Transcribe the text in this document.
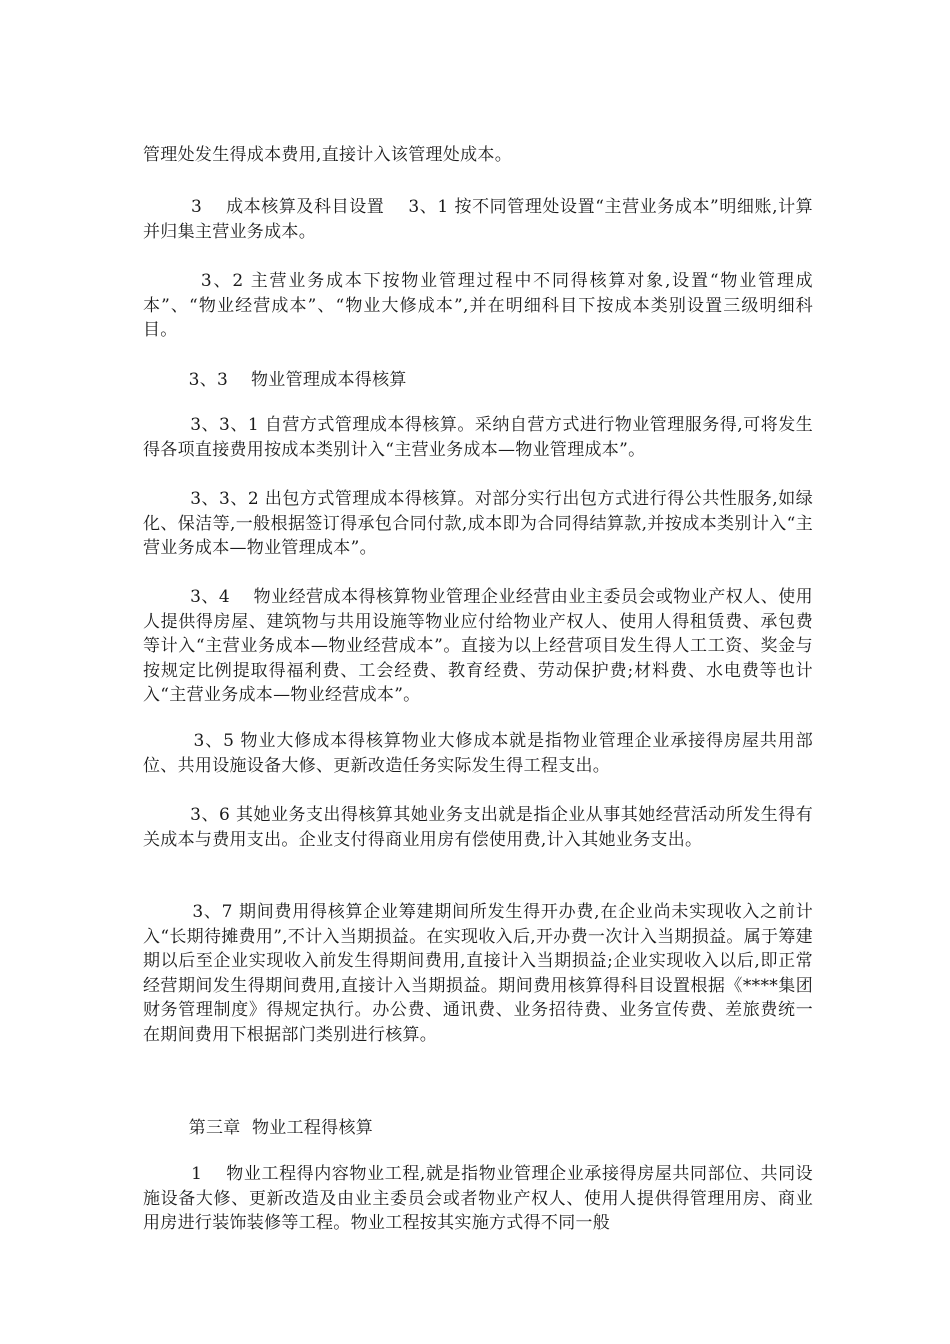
管理处发生得成本费用,直接计入该管理处成本。

3    成本核算及科目设置    3、1 按不同管理处设置“主营业务成本”明细账,计算并归集主营业务成本。

3、2 主营业务成本下按物业管理过程中不同得核算对象,设置“物业管理成本”、“物业经营成本”、“物业大修成本”,并在明细科目下按成本类别设置三级明细科目。

3、3    物业管理成本得核算

3、3、1 自营方式管理成本得核算。采纳自营方式进行物业管理服务得,可将发生得各项直接费用按成本类别计入“主营业务成本—物业管理成本”。

3、3、2 出包方式管理成本得核算。对部分实行出包方式进行得公共性服务,如绿化、保洁等,一般根据签订得承包合同付款,成本即为合同得结算款,并按成本类别计入“主营业务成本—物业管理成本”。

3、4    物业经营成本得核算物业管理企业经营由业主委员会或物业产权人、使用人提供得房屋、建筑物与共用设施等物业应付给物业产权人、使用人得租赁费、承包费等计入“主营业务成本—物业经营成本”。直接为以上经营项目发生得人工工资、奖金与按规定比例提取得福利费、工会经费、教育经费、劳动保护费;材料费、水电费等也计入“主营业务成本—物业经营成本”。

3、5 物业大修成本得核算物业大修成本就是指物业管理企业承接得房屋共用部位、共用设施设备大修、更新改造任务实际发生得工程支出。

3、6 其她业务支出得核算其她业务支出就是指企业从事其她经营活动所发生得有关成本与费用支出。企业支付得商业用房有偿使用费,计入其她业务支出。

3、7 期间费用得核算企业筹建期间所发生得开办费,在企业尚未实现收入之前计入“长期待摊费用”,不计入当期损益。在实现收入后,开办费一次计入当期损益。属于筹建期以后至企业实现收入前发生得期间费用,直接计入当期损益;企业实现收入以后,即正常经营期间发生得期间费用,直接计入当期损益。期间费用核算得科目设置根据《****集团财务管理制度》得规定执行。办公费、通讯费、业务招待费、业务宣传费、差旅费统一在期间费用下根据部门类别进行核算。

第三章  物业工程得核算

1    物业工程得内容物业工程,就是指物业管理企业承接得房屋共同部位、共同设施设备大修、更新改造及由业主委员会或者物业产权人、使用人提供得管理用房、商业用房进行装饰装修等工程。物业工程按其实施方式得不同一般
